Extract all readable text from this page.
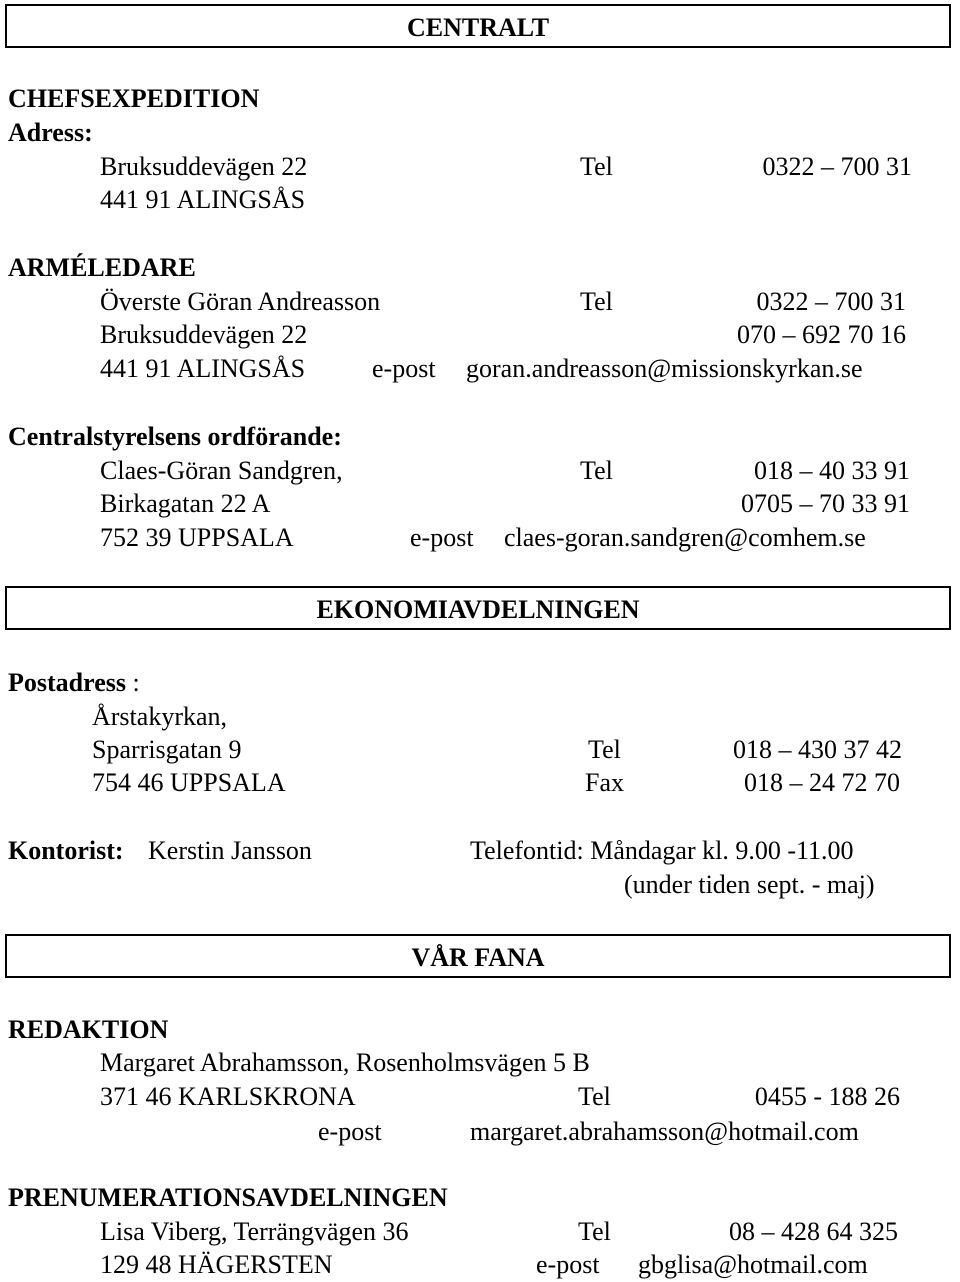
CENTRALT
CHEFSEXPEDITION
Adress:
Bruksuddevägen 22	Tel	0322 – 700 31
441 91 ALINGSÅS
ARMÉLEDARE
Överste Göran Andreasson	Tel	0322 – 700 31
Bruksuddevägen 22	070 – 692 70 16
441 91 ALINGSÅS	e-post goran.andreasson@missionskyrkan.se
Centralstyrelsens ordförande:
Claes-Göran Sandgren,	Tel	018 – 40 33 91
Birkagatan 22 A	0705 – 70 33 91
752 39 UPPSALA	e-post claes-goran.sandgren@comhem.se
EKONOMIAVDELNINGEN
Postadress :
Årstakyrkan,
Sparrisgatan 9	Tel	018 – 430 37 42
754 46 UPPSALA	Fax	018 – 24 72 70
Kontorist: Kerstin Jansson	Telefontid: Måndagar kl. 9.00 -11.00
(under tiden sept. - maj)
VÅR FANA
REDAKTION
Margaret Abrahamsson, Rosenholmsvägen 5 B
371 46 KARLSKRONA	Tel	0455 - 188 26
e-post	margaret.abrahamsson@hotmail.com
PRENUMERATIONSAVDELNINGEN
Lisa Viberg, Terrängvägen 36	Tel	08 – 428 64 325
129 48 HÄGERSTEN	e-post gbglisa@hotmail.com
